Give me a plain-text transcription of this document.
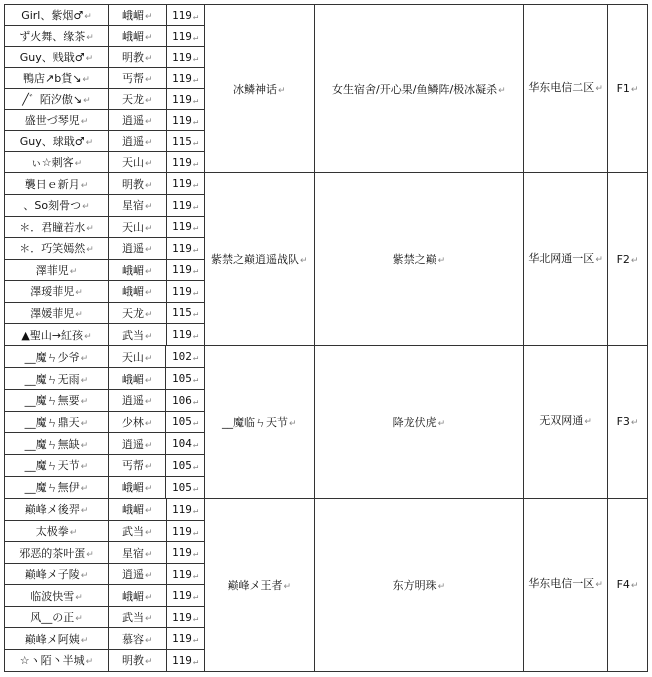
Girl、紫烟♂↵	峨嵋↵	119↵
ず火舞、缘茶↵	峨嵋↵	119↵
Guy、贱戢♂↵	明教↵	119↵
鴨店↗b貨↘↵	丐帮↵	119↵
╱゛陌汐傲↘↵	天龙↵	119↵
盛世づ琴児↵	逍遥↵	119↵
Guy、球戢♂↵	逍遥↵	115↵
ぃ☆刺客↵	天山↵	119↵
	冰鳞神话↵	女生宿舍/开心果/鱼鳞阵/极冰凝杀↵	华东电信二区↵	F1↵

襲日ｅ新月↵	明教↵	119↵
、So刻骨つ↵	星宿↵	119↵
＊．君瞳若水↵	天山↵	119↵
＊．巧笑嫣然↵	逍遥↵	119↵
澤菲児↵	峨嵋↵	119↵
澤瑷菲児↵	峨嵋↵	119↵
澤媛菲児↵	天龙↵	115↵
▲聖山→紅孩↵	武当↵	119↵
	紫禁之巅逍遥战队↵	紫禁之巅↵	华北网通一区↵	F2↵

__魔ㄣ少爷↵	天山↵	102↵
__魔ㄣ无雨↵	峨嵋↵	105↵
__魔ㄣ無要↵	逍遥↵	106↵
__魔ㄣ鼎天↵	少林↵	105↵
__魔ㄣ無缺↵	逍遥↵	104↵
__魔ㄣ天节↵	丐帮↵	105↵
__魔ㄣ無伊↵	峨嵋↵	105↵
	__魔临ㄣ天节↵	降龙伏虎↵	无双网通↵	F3↵

巅峰メ後羿↵	峨嵋↵	119↵
太极拳↵	武当↵	119↵
邪恶的茶叶蛋↵	星宿↵	119↵
巅峰メ子陵↵	逍遥↵	119↵
临波快雪↵	峨嵋↵	119↵
风__の正↵	武当↵	119↵
巅峰メ阿姨↵	慕容↵	119↵
☆ヽ陌丶半城↵	明教↵	119↵
	巅峰メ王者↵	东方明珠↵	华东电信一区↵	F4↵
